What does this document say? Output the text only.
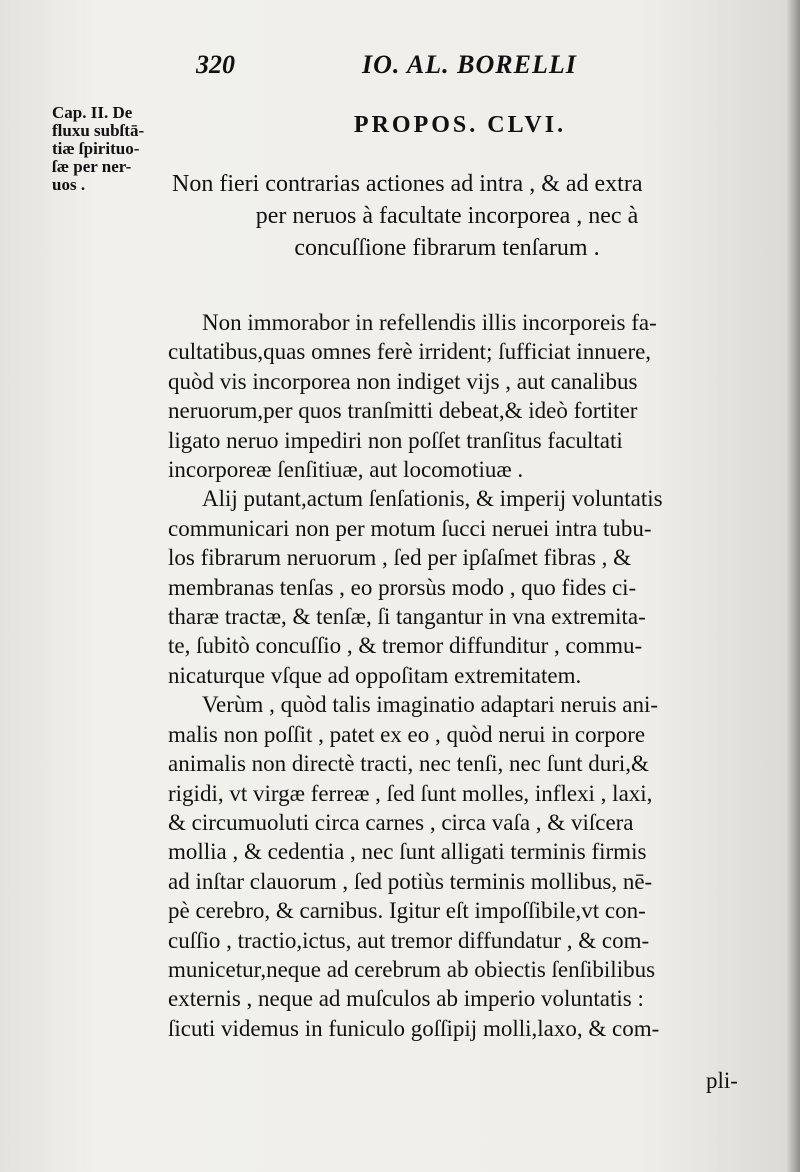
320	IO. AL. BORELLI
Cap. II. De
fluxu subſtā-
tiæ ſpirituo-
ſæ per ner-
uos .
PROPOS. CLVI.
Non fieri contrarias actiones ad intra , & ad extra
per neruos à facultate incorporea , nec à
concuſſione fibrarum tenſarum .
Non immorabor in refellendis illis incorporeis fa-
cultatibus,quas omnes ferè irrident; ſufficiat innuere,
quòd vis incorporea non indiget vijs , aut canalibus
neruorum,per quos tranſmitti debeat,& ideò fortiter
ligato neruo impediri non poſſet tranſitus facultati
incorporeæ ſenſitiuæ, aut locomotiuæ .
Alij putant,actum ſenſationis, & imperij voluntatis
communicari non per motum ſucci neruei intra tubu-
los fibrarum neruorum , ſed per ipſaſmet fibras , &
membranas tenſas , eo prorsùs modo , quo fides ci-
tharæ tractæ, & tenſæ, ſi tangantur in vna extremita-
te, ſubitò concuſſio , & tremor diffunditur , commu-
nicaturque vſque ad oppoſitam extremitatem.
Verùm , quòd talis imaginatio adaptari neruis ani-
malis non poſſit , patet ex eo , quòd nerui in corpore
animalis non directè tracti, nec tenſi, nec ſunt duri,&
rigidi, vt virgæ ferreæ , ſed ſunt molles, inflexi , laxi,
& circumuoluti circa carnes , circa vaſa , & viſcera
mollia , & cedentia , nec ſunt alligati terminis firmis
ad inſtar clauorum , ſed potiùs terminis mollibus, nē-
pè cerebro, & carnibus. Igitur eſt impoſſibile,vt con-
cuſſio , tractio,ictus, aut tremor diffundatur , & com-
municetur,neque ad cerebrum ab obiectis ſenſibilibus
externis , neque ad muſculos ab imperio voluntatis :
ſicuti videmus in funiculo goſſipij molli,laxo, & com-
pli-
